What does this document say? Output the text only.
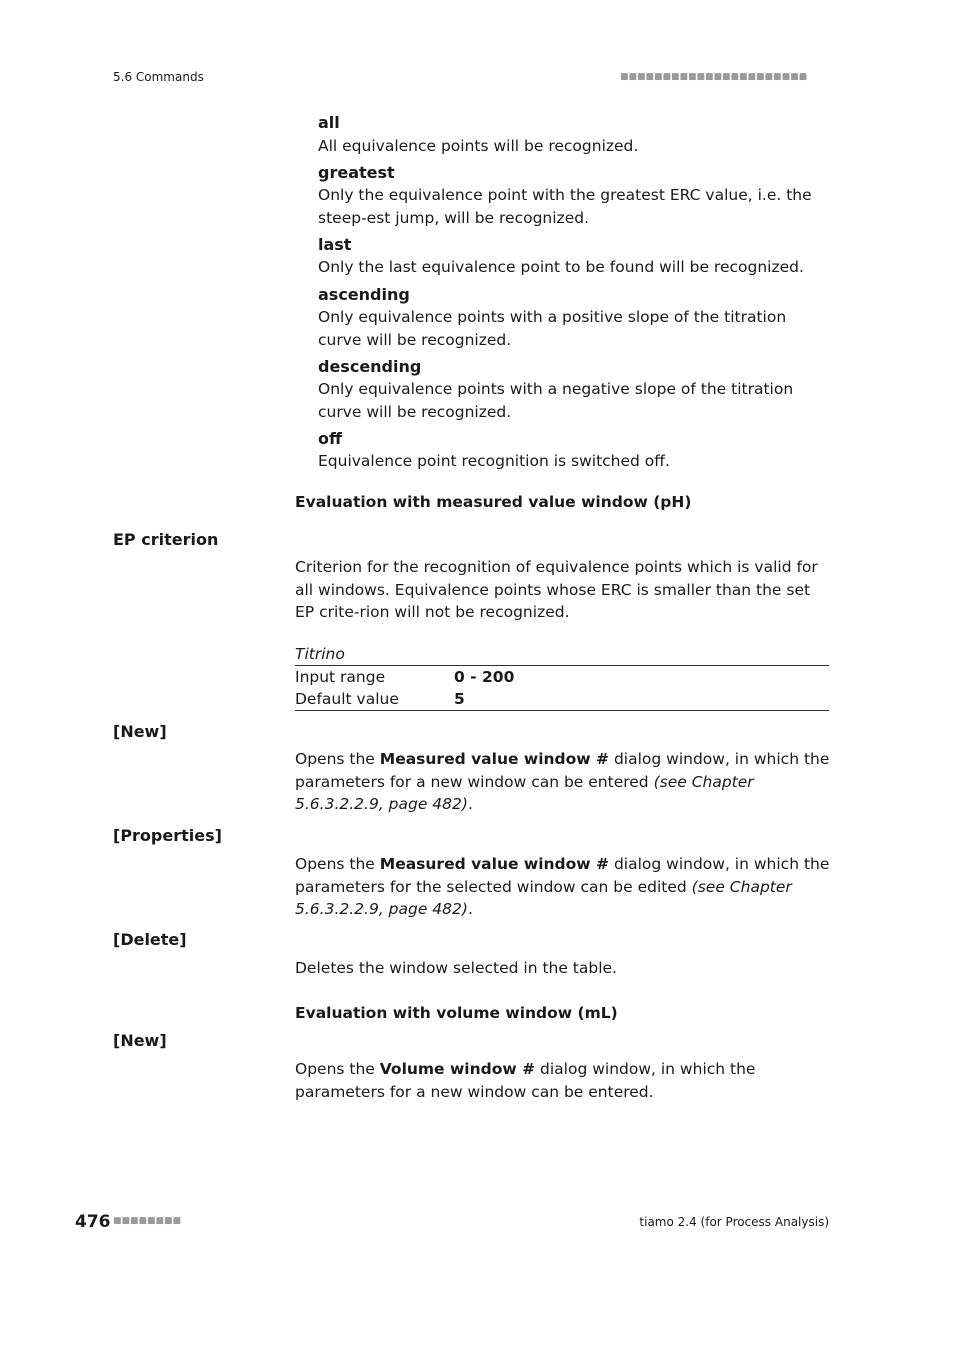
5.6 Commands	■■■■■■■■■■■■■■■■■■■■■■
all
All equivalence points will be recognized.
greatest
Only the equivalence point with the greatest ERC value, i.e. the steep-est jump, will be recognized.
last
Only the last equivalence point to be found will be recognized.
ascending
Only equivalence points with a positive slope of the titration curve will be recognized.
descending
Only equivalence points with a negative slope of the titration curve will be recognized.
off
Equivalence point recognition is switched off.
Evaluation with measured value window (pH)
EP criterion
Criterion for the recognition of equivalence points which is valid for all windows. Equivalence points whose ERC is smaller than the set EP crite-rion will not be recognized.
Titrino
Input range	0 - 200
Default value	5
[New]
Opens the Measured value window # dialog window, in which the parameters for a new window can be entered (see Chapter 5.6.3.2.2.9, page 482).
[Properties]
Opens the Measured value window # dialog window, in which the parameters for the selected window can be edited (see Chapter 5.6.3.2.2.9, page 482).
[Delete]
Deletes the window selected in the table.
Evaluation with volume window (mL)
[New]
Opens the Volume window # dialog window, in which the parameters for a new window can be entered.
476 ■■■■■■■■	tiamo 2.4 (for Process Analysis)
